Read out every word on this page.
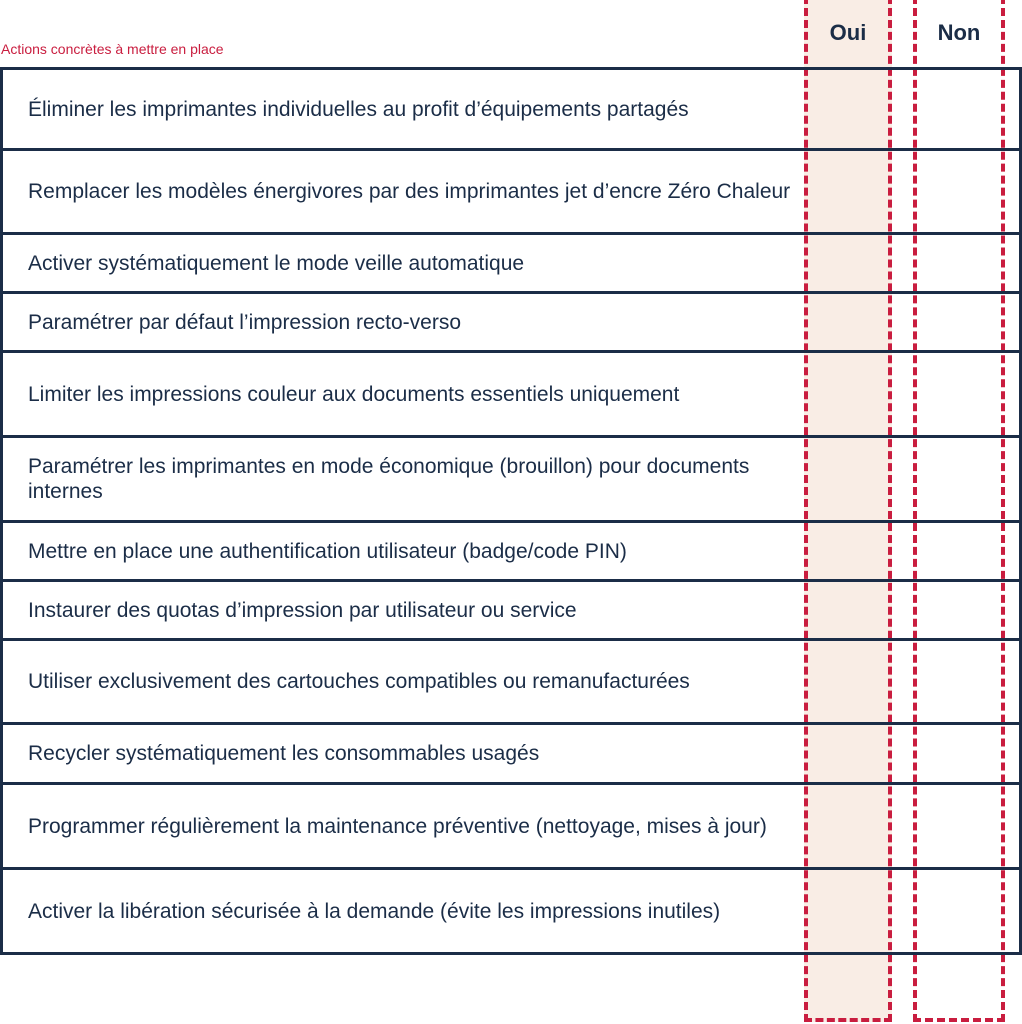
Oui	Non
Actions concrètes à mettre en place
Éliminer les imprimantes individuelles au profit d’équipements partagés
Remplacer les modèles énergivores par des imprimantes jet d’encre Zéro Chaleur
Activer systématiquement le mode veille automatique
Paramétrer par défaut l’impression recto-verso
Limiter les impressions couleur aux documents essentiels uniquement
Paramétrer les imprimantes en mode économique (brouillon) pour documents internes
Mettre en place une authentification utilisateur (badge/code PIN)
Instaurer des quotas d’impression par utilisateur ou service
Utiliser exclusivement des cartouches compatibles ou remanufacturées
Recycler systématiquement les consommables usagés
Programmer régulièrement la maintenance préventive (nettoyage, mises à jour)
Activer la libération sécurisée à la demande (évite les impressions inutiles)
